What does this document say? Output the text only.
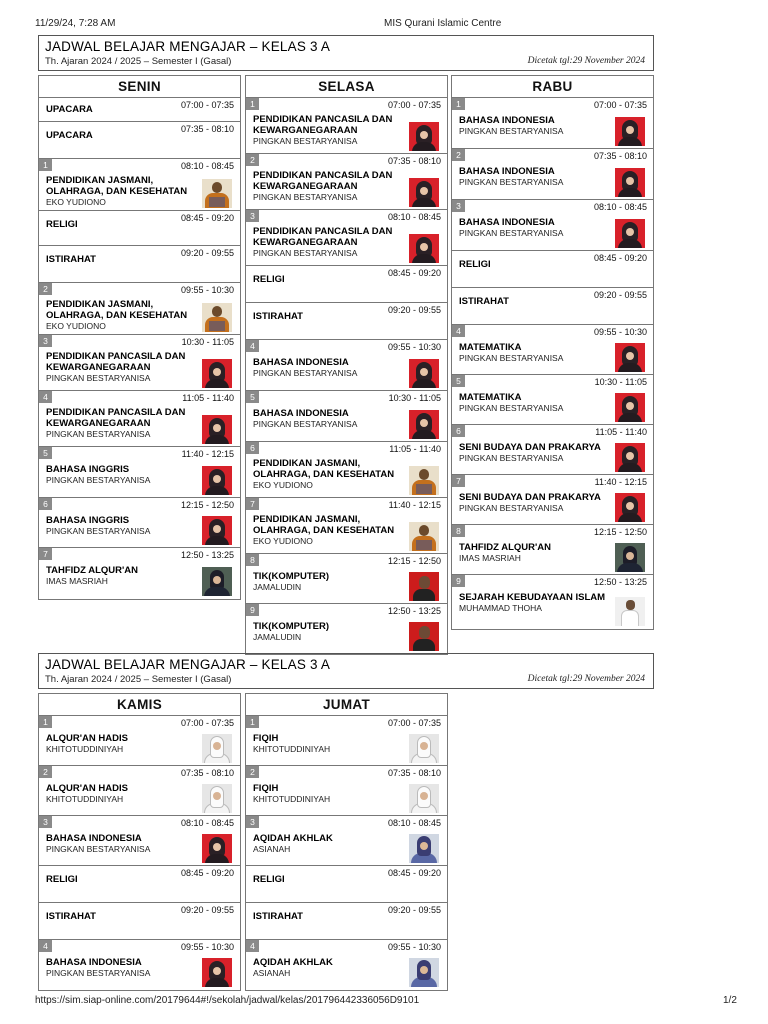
11/29/24, 7:28 AM	MIS Qurani Islamic Centre
JADWAL BELAJAR MENGAJAR – KELAS 3 A
Th. Ajaran 2024 / 2025 – Semester I (Gasal)	Dicetak tgl:29 November 2024
SENIN
07:00 - 07:35
UPACARA
07:35 - 08:10
UPACARA
1	08:10 - 08:45
PENDIDIKAN JASMANI, OLAHRAGA, DAN KESEHATAN
EKO YUDIONO
08:45 - 09:20
RELIGI
09:20 - 09:55
ISTIRAHAT
2	09:55 - 10:30
PENDIDIKAN JASMANI, OLAHRAGA, DAN KESEHATAN
EKO YUDIONO
3	10:30 - 11:05
PENDIDIKAN PANCASILA DAN KEWARGANEGARAAN
PINGKAN BESTARYANISA
4	11:05 - 11:40
PENDIDIKAN PANCASILA DAN KEWARGANEGARAAN
PINGKAN BESTARYANISA
5	11:40 - 12:15
BAHASA INGGRIS
PINGKAN BESTARYANISA
6	12:15 - 12:50
BAHASA INGGRIS
PINGKAN BESTARYANISA
7	12:50 - 13:25
TAHFIDZ ALQUR'AN
IMAS MASRIAH
SELASA
1	07:00 - 07:35
PENDIDIKAN PANCASILA DAN KEWARGANEGARAAN
PINGKAN BESTARYANISA
2	07:35 - 08:10
PENDIDIKAN PANCASILA DAN KEWARGANEGARAAN
PINGKAN BESTARYANISA
3	08:10 - 08:45
PENDIDIKAN PANCASILA DAN KEWARGANEGARAAN
PINGKAN BESTARYANISA
08:45 - 09:20
RELIGI
09:20 - 09:55
ISTIRAHAT
4	09:55 - 10:30
BAHASA INDONESIA
PINGKAN BESTARYANISA
5	10:30 - 11:05
BAHASA INDONESIA
PINGKAN BESTARYANISA
6	11:05 - 11:40
PENDIDIKAN JASMANI, OLAHRAGA, DAN KESEHATAN
EKO YUDIONO
7	11:40 - 12:15
PENDIDIKAN JASMANI, OLAHRAGA, DAN KESEHATAN
EKO YUDIONO
8	12:15 - 12:50
TIK(KOMPUTER)
JAMALUDIN
9	12:50 - 13:25
TIK(KOMPUTER)
JAMALUDIN
RABU
1	07:00 - 07:35
BAHASA INDONESIA
PINGKAN BESTARYANISA
2	07:35 - 08:10
BAHASA INDONESIA
PINGKAN BESTARYANISA
3	08:10 - 08:45
BAHASA INDONESIA
PINGKAN BESTARYANISA
08:45 - 09:20
RELIGI
09:20 - 09:55
ISTIRAHAT
4	09:55 - 10:30
MATEMATIKA
PINGKAN BESTARYANISA
5	10:30 - 11:05
MATEMATIKA
PINGKAN BESTARYANISA
6	11:05 - 11:40
SENI BUDAYA DAN PRAKARYA
PINGKAN BESTARYANISA
7	11:40 - 12:15
SENI BUDAYA DAN PRAKARYA
PINGKAN BESTARYANISA
8	12:15 - 12:50
TAHFIDZ ALQUR'AN
IMAS MASRIAH
9	12:50 - 13:25
SEJARAH KEBUDAYAAN ISLAM
MUHAMMAD THOHA
JADWAL BELAJAR MENGAJAR – KELAS 3 A
Th. Ajaran 2024 / 2025 – Semester I (Gasal)	Dicetak tgl:29 November 2024
KAMIS
1	07:00 - 07:35
ALQUR'AN HADIS
KHITOTUDDINIYAH
2	07:35 - 08:10
ALQUR'AN HADIS
KHITOTUDDINIYAH
3	08:10 - 08:45
BAHASA INDONESIA
PINGKAN BESTARYANISA
08:45 - 09:20
RELIGI
09:20 - 09:55
ISTIRAHAT
4	09:55 - 10:30
BAHASA INDONESIA
PINGKAN BESTARYANISA
JUMAT
1	07:00 - 07:35
FIQIH
KHITOTUDDINIYAH
2	07:35 - 08:10
FIQIH
KHITOTUDDINIYAH
3	08:10 - 08:45
AQIDAH AKHLAK
ASIANAH
08:45 - 09:20
RELIGI
09:20 - 09:55
ISTIRAHAT
4	09:55 - 10:30
AQIDAH AKHLAK
ASIANAH
https://sim.siap-online.com/20179644#!/sekolah/jadwal/kelas/201796442336056D9101	1/2
